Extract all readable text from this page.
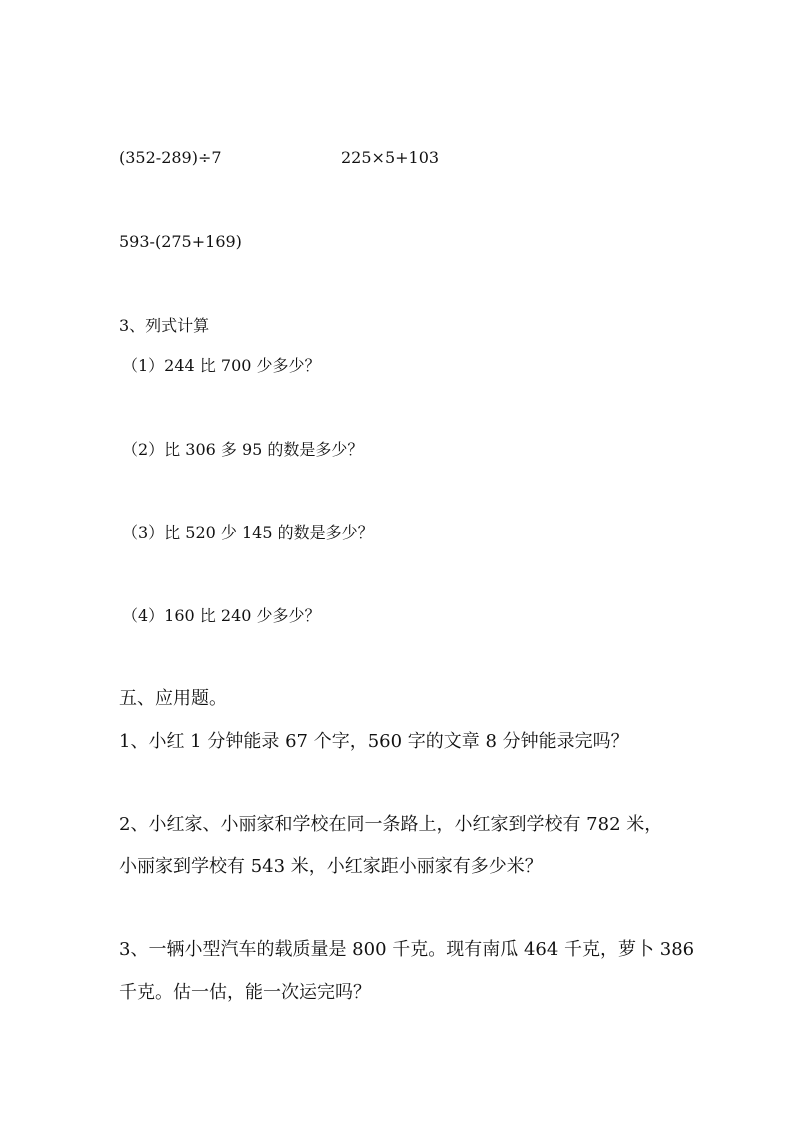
(352-289)÷7	225×5+103
593-(275+169)
3、列式计算
（1）244 比 700 少多少？
（2）比 306 多 95 的数是多少？
（3）比 520 少 145 的数是多少？
（4）160 比 240 少多少？
五、应用题。
1、小红 1 分钟能录 67 个字，560 字的文章 8 分钟能录完吗？
2、小红家、小丽家和学校在同一条路上，小红家到学校有 782 米，
小丽家到学校有 543 米，小红家距小丽家有多少米？
3、一辆小型汽车的载质量是 800 千克。现有南瓜 464 千克，萝卜 386
千克。估一估，能一次运完吗？
